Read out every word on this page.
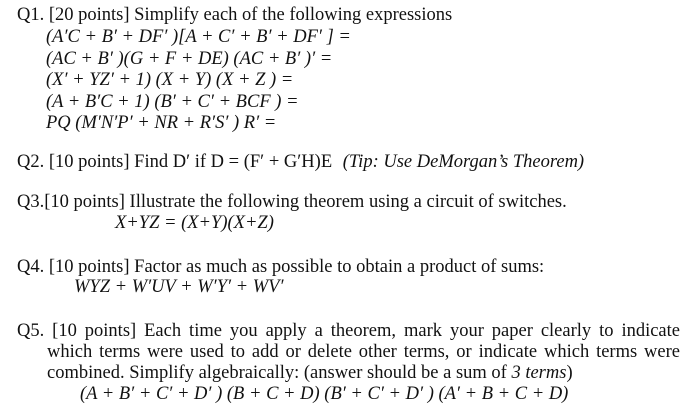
Q1. [20 points] Simplify each of the following expressions
(A′C + B′ + DF′ )[A + C′ + B′ + DF′ ] =
(AC + B′ )(G + F + DE) (AC + B′ )′ =
(X′ + YZ′ + 1) (X + Y) (X + Z ) =
(A + B′C + 1) (B′ + C′ + BCF ) =
PQ (M′N′P′ + NR + R′S′ ) R′ =
Q2. [10 points] Find D′ if D = (F′ + G′H)E (Tip: Use DeMorgan’s Theorem)
Q3.[10 points] Illustrate the following theorem using a circuit of switches.
X+YZ = (X+Y)(X+Z)
Q4. [10 points] Factor as much as possible to obtain a product of sums:
WYZ + W′UV + W′Y′ + WV′
Q5. [10 points] Each time you apply a theorem, mark your paper clearly to indicate
which terms were used to add or delete other terms, or indicate which terms were
combined. Simplify algebraically: (answer should be a sum of 3 terms)
(A + B′ + C′ + D′ ) (B + C + D) (B′ + C′ + D′ ) (A′ + B + C + D)
